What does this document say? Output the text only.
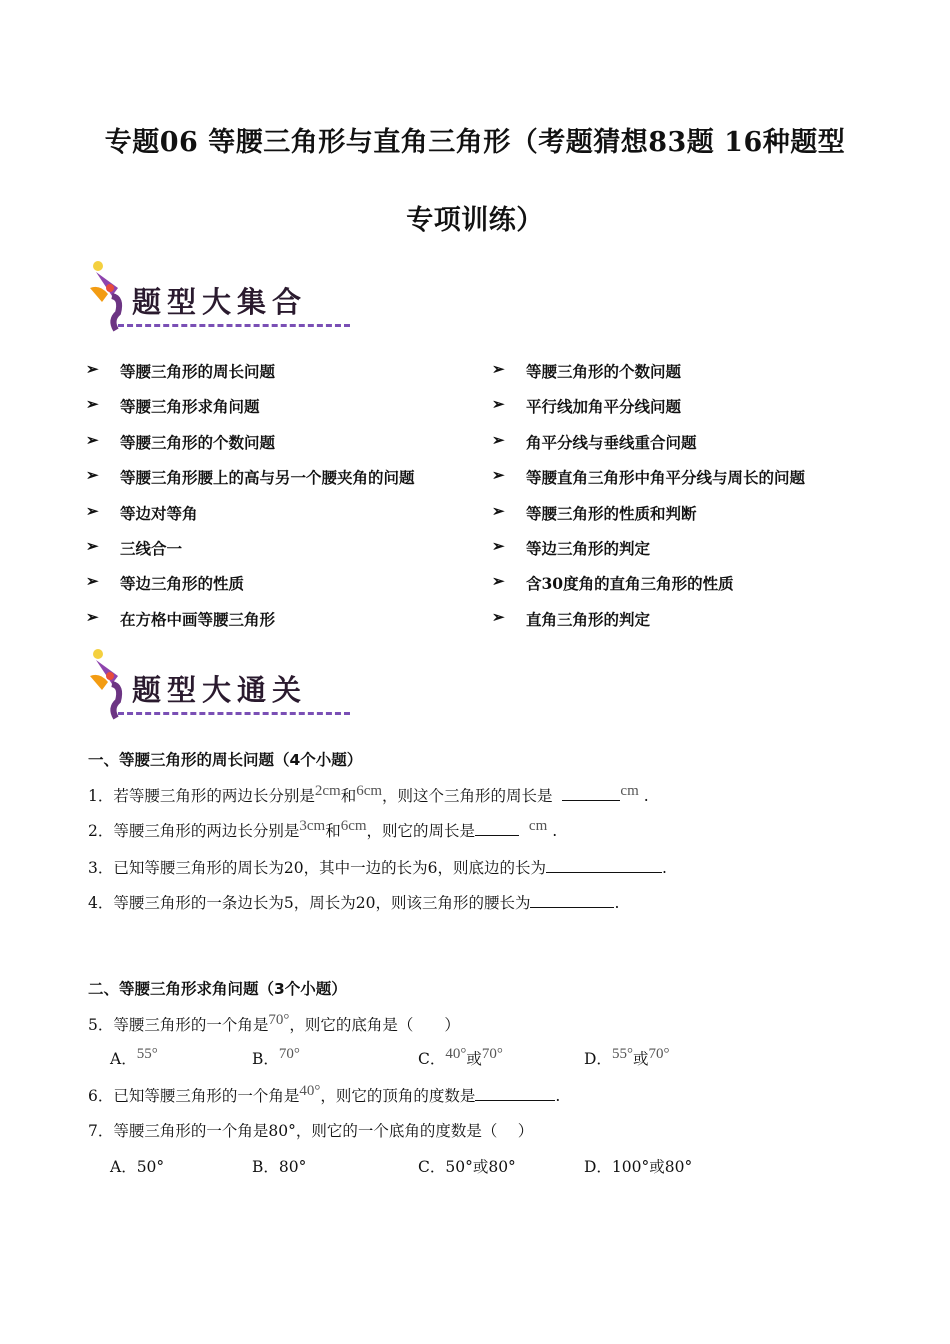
专题06 等腰三角形与直角三角形（考题猜想83题 16种题型
专项训练）
题型大集合
➢	等腰三角形的周长问题
➢	等腰三角形求角问题
➢	等腰三角形的个数问题
➢	等腰三角形腰上的高与另一个腰夹角的问题
➢	等边对等角
➢	三线合一
➢	等边三角形的性质
➢	在方格中画等腰三角形
➢	等腰三角形的个数问题
➢	平行线加角平分线问题
➢	角平分线与垂线重合问题
➢	等腰直角三角形中角平分线与周长的问题
➢	等腰三角形的性质和判断
➢	等边三角形的判定
➢	含30度角的直角三角形的性质
➢	直角三角形的判定
题型大通关
一、等腰三角形的周长问题（4个小题）
1．若等腰三角形的两边长分别是2cm和6cm，则这个三角形的周长是	cm .
2．等腰三角形的两边长分别是3cm和6cm，则它的周长是	cm .
3．已知等腰三角形的周长为20，其中一边的长为6，则底边的长为	.
4．等腰三角形的一条边长为5，周长为20，则该三角形的腰长为	.
二、等腰三角形求角问题（3个小题）
5．等腰三角形的一个角是70°，则它的底角是（　　）
A．55°	B．70°	C．40°或70°	D．55°或70°
6．已知等腰三角形的一个角是40°，则它的顶角的度数是	.
7．等腰三角形的一个角是80°，则它的一个底角的度数是（　 ）
A．50°	B．80°	C．50°或80°	D．100°或80°
